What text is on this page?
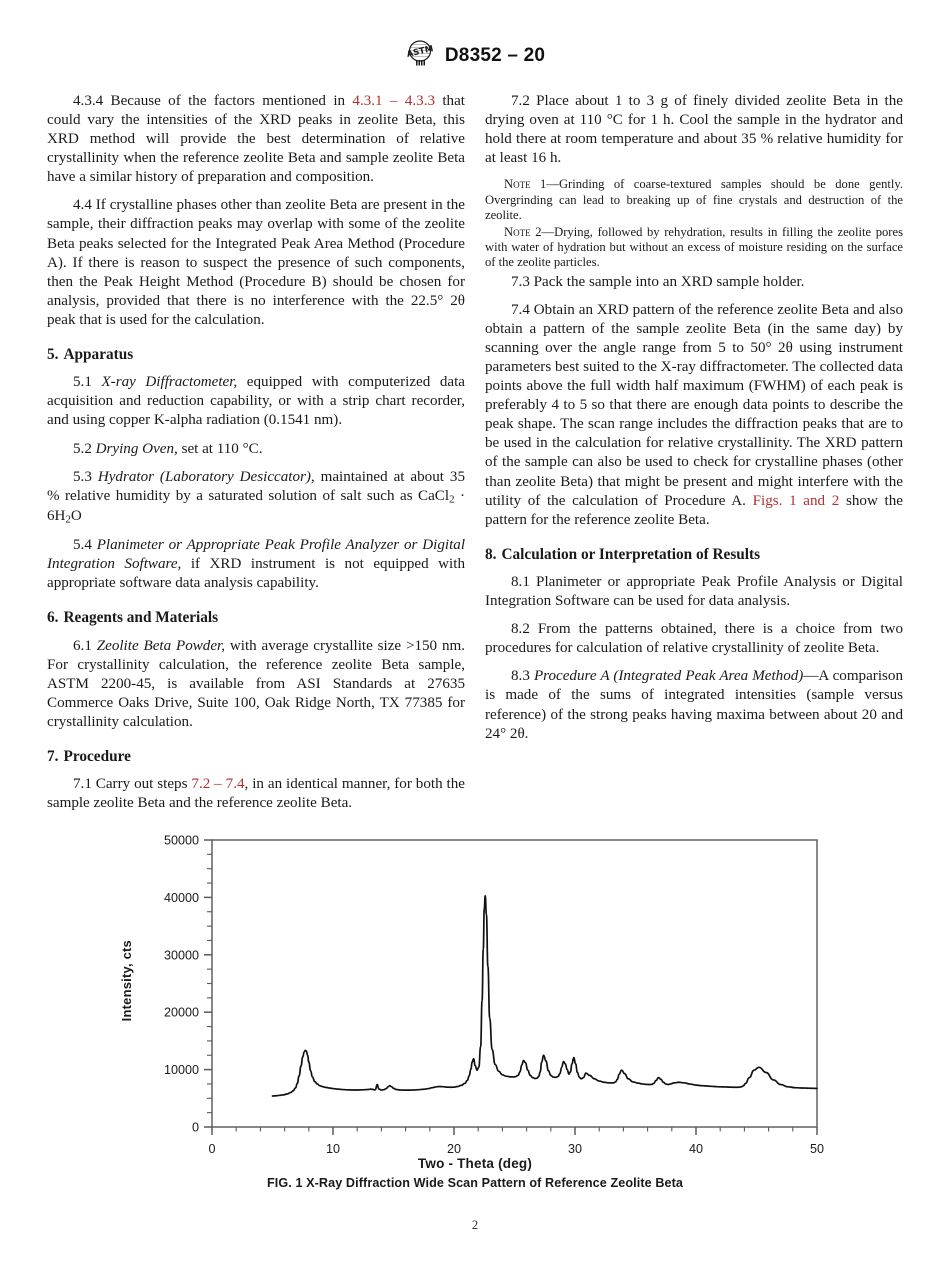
ASTM D8352 – 20

4.3.4 Because of the factors mentioned in 4.3.1 – 4.3.3 that could vary the intensities of the XRD peaks in zeolite Beta, this XRD method will provide the best determination of relative crystallinity when the reference zeolite Beta and sample zeolite Beta have a similar history of preparation and composition.

4.4 If crystalline phases other than zeolite Beta are present in the sample, their diffraction peaks may overlap with some of the zeolite Beta peaks selected for the Integrated Peak Area Method (Procedure A). If there is reason to suspect the presence of such components, then the Peak Height Method (Procedure B) should be chosen for analysis, provided that there is no interference with the 22.5° 2θ peak that is used for the calculation.

5. Apparatus

5.1 X-ray Diffractometer, equipped with computerized data acquisition and reduction capability, or with a strip chart recorder, and using copper K-alpha radiation (0.1541 nm).

5.2 Drying Oven, set at 110 °C.

5.3 Hydrator (Laboratory Desiccator), maintained at about 35 % relative humidity by a saturated solution of salt such as CaCl$_2$ · $6H_2O$

5.4 Planimeter or Appropriate Peak Profile Analyzer or Digital Integration Software, if XRD instrument is not equipped with appropriate software data analysis capability.

6. Reagents and Materials

6.1 Zeolite Beta Powder, with average crystallite size >150 nm. For crystallinity calculation, the reference zeolite Beta sample, ASTM 2200-45, is available from ASI Standards at 27635 Commerce Oaks Drive, Suite 100, Oak Ridge North, TX 77385 for crystallinity calculation.

7. Procedure

7.1 Carry out steps 7.2 – 7.4, in an identical manner, for both the sample zeolite Beta and the reference zeolite Beta.

7.2 Place about 1 to 3 g of finely divided zeolite Beta in the drying oven at 110 °C for 1 h. Cool the sample in the hydrator and hold there at room temperature and about 35 % relative humidity for at least 16 h.

Note 1—Grinding of coarse-textured samples should be done gently. Overgrinding can lead to breaking up of fine crystals and destruction of the zeolite.

Note 2—Drying, followed by rehydration, results in filling the zeolite pores with water of hydration but without an excess of moisture residing on the surface of the zeolite particles.

7.3 Pack the sample into an XRD sample holder.

7.4 Obtain an XRD pattern of the reference zeolite Beta and also obtain a pattern of the sample zeolite Beta (in the same day) by scanning over the angle range from 5 to 50° 2θ using instrument parameters best suited to the X-ray diffractometer. The collected data points above the full width half maximum (FWHM) of each peak is preferably 4 to 5 so that there are enough data points to describe the peak shape. The scan range includes the diffraction peaks that are to be used in the calculation for relative crystallinity. The XRD pattern of the sample can also be used to check for crystalline phases (other than zeolite Beta) that might be present and might interfere with the utility of the calculation of Procedure A. Figs. 1 and 2 show the pattern for the reference zeolite Beta.

8. Calculation or Interpretation of Results

8.1 Planimeter or appropriate Peak Profile Analysis or Digital Integration Software can be used for data analysis.

8.2 From the patterns obtained, there is a choice from two procedures for calculation of relative crystallinity of zeolite Beta.

8.3 Procedure A (Integrated Peak Area Method)—A comparison is made of the sums of integrated intensities (sample versus reference) of the strong peaks having maxima between about 20 and 24° 2θ.

Intensity, cts
0	10	20	30	40	50
0
10000
20000
30000
40000
50000
Two - Theta (deg)
FIG. 1 X-Ray Diffraction Wide Scan Pattern of Reference Zeolite Beta
2
